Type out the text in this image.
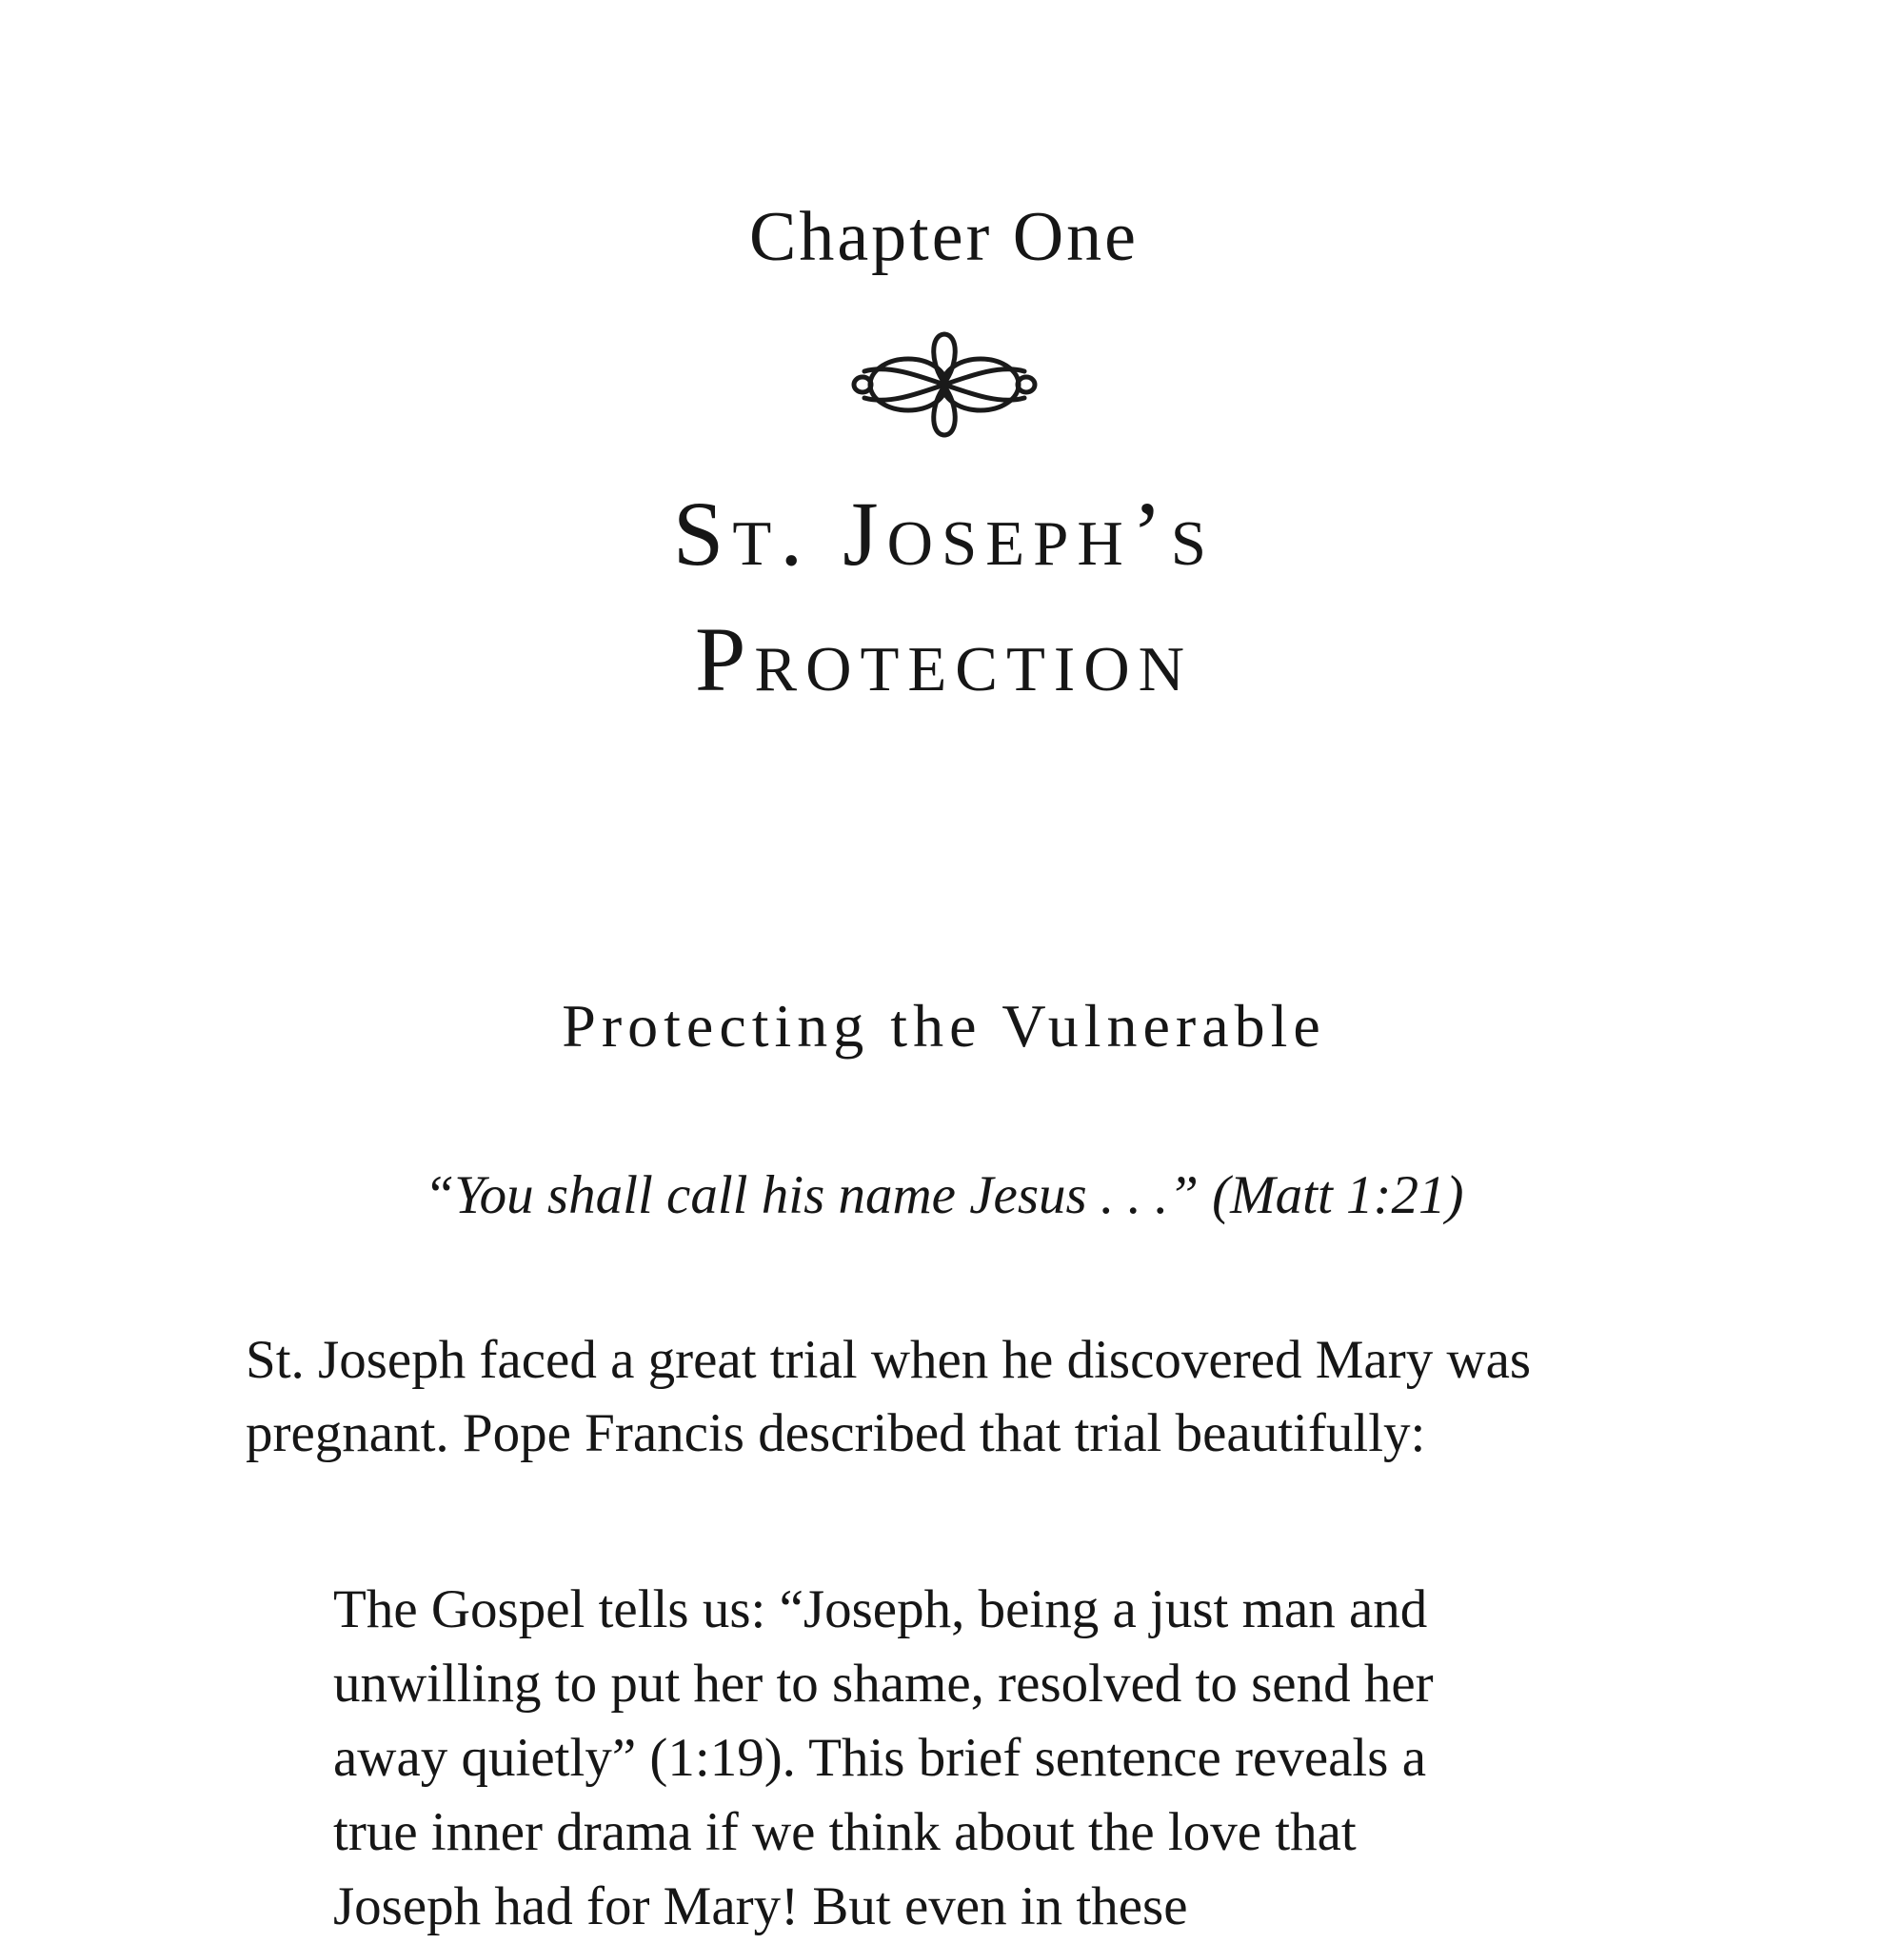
Chapter One
St. Joseph’s
Protection
Protecting the Vulnerable
“You shall call his name Jesus . . .” (Matt 1:21)
St. Joseph faced a great trial when he discovered Mary was
pregnant. Pope Francis described that trial beautifully:
The Gospel tells us: “Joseph, being a just man and
unwilling to put her to shame, resolved to send her
away quietly” (1:19). This brief sentence reveals a
true inner drama if we think about the love that
Joseph had for Mary! But even in these
